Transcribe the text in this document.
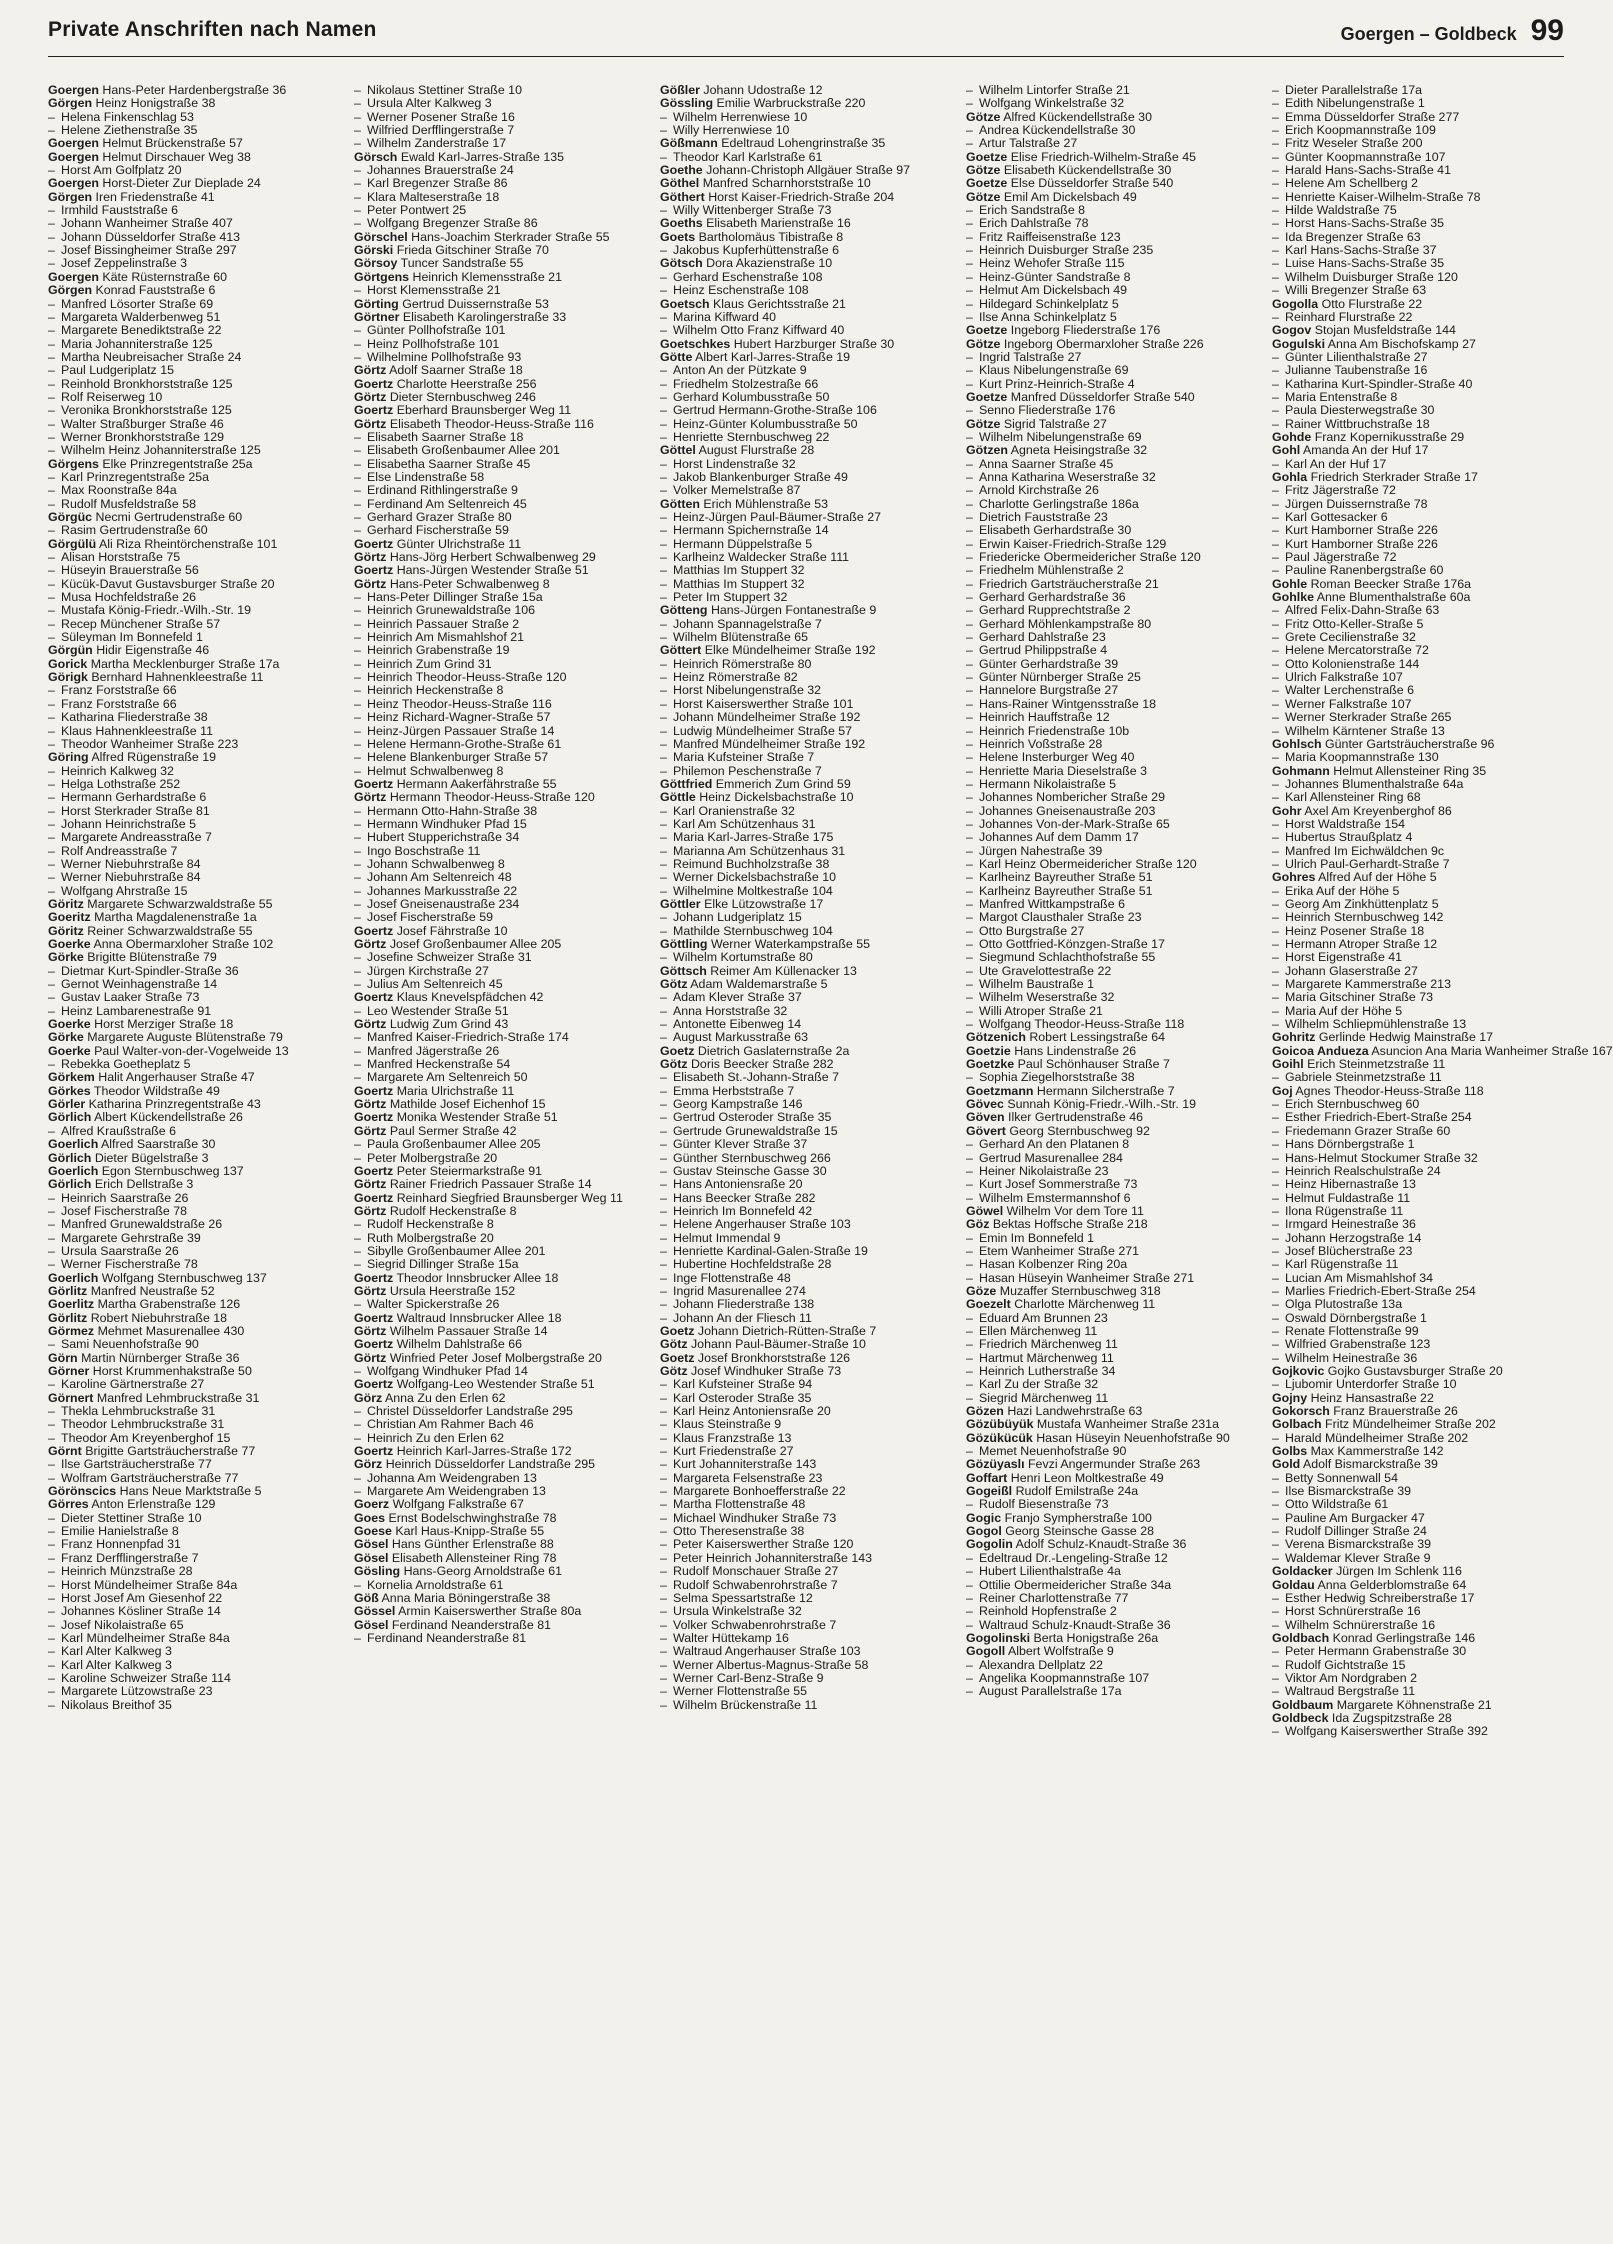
Private Anschriften nach Namen	Goergen – Goldbeck 99
Goergen Hans-Peter Hardenbergstraße 36
Görgen Heinz Honigstraße 38
– Helena Finkenschlag 53
– Helene Ziethenstraße 35
Goergen Helmut Brückenstraße 57
Goergen Helmut Dirschauer Weg 38
– Horst Am Golfplatz 20
Goergen Horst-Dieter Zur Dieplade 24
Görgen Iren Friedenstraße 41
– Irmhild Fauststraße 6
– Johann Wanheimer Straße 407
– Johann Düsseldorfer Straße 413
– Josef Bissingheimer Straße 297
– Josef Zeppelinstraße 3
Goergen Käte Rüsternstraße 60
Görgen Konrad Fauststraße 6
– Manfred Lösorter Straße 69
– Margareta Walderbenweg 51
– Margarete Benediktstraße 22
– Maria Johanniterstraße 125
– Martha Neubreisacher Straße 24
– Paul Ludgeriplatz 15
– Reinhold Bronkhorststraße 125
– Rolf Reiserweg 10
– Veronika Bronkhorststraße 125
– Walter Straßburger Straße 46
– Werner Bronkhorststraße 129
– Wilhelm Heinz Johanniterstraße 125
Görgens Elke Prinzregentstraße 25a
– Karl Prinzregentstraße 25a
– Max Roonstraße 84a
– Rudolf Musfeldstraße 58
Görgüc Necmi Gertrudenstraße 60
– Rasim Gertrudenstraße 60
Görgülü Ali Riza Rheintörchenstraße 101
– Alisan Horststraße 75
– Hüseyin Brauerstraße 56
– Kücük-Davut Gustavsburger Straße 20
– Musa Hochfeldstraße 26
– Mustafa König-Friedr.-Wilh.-Str. 19
– Recep Münchener Straße 57
– Süleyman Im Bonnefeld 1
Görgün Hidir Eigenstraße 46
Gorick Martha Mecklenburger Straße 17a
Görigk Bernhard Hahnenkleestraße 11
– Franz Forststraße 66
– Franz Forststraße 66
– Katharina Fliederstraße 38
– Klaus Hahnenkleestraße 11
– Theodor Wanheimer Straße 223
Göring Alfred Rügenstraße 19
– Heinrich Kalkweg 32
– Helga Lothstraße 252
– Hermann Gerhardstraße 6
– Horst Sterkrader Straße 81
– Johann Heinrichstraße 5
– Margarete Andreasstraße 7
– Rolf Andreasstraße 7
– Werner Niebuhrstraße 84
– Werner Niebuhrstraße 84
– Wolfgang Ahrstraße 15
Göritz Margarete Schwarzwaldstraße 55
Goeritz Martha Magdalenenstraße 1a
Göritz Reiner Schwarzwaldstraße 55
Goerke Anna Obermarxloher Straße 102
Görke Brigitte Blütenstraße 79
– Dietmar Kurt-Spindler-Straße 36
– Gernot Weinhagenstraße 14
– Gustav Laaker Straße 73
– Heinz Lambarenestraße 91
Goerke Horst Merziger Straße 18
Görke Margarete Auguste Blütenstraße 79
Goerke Paul Walter-von-der-Vogelweide 13
– Rebekka Goetheplatz 5
Görkem Halit Angerhauser Straße 47
Görkes Theodor Wildstraße 49
Görler Katharina Prinzregentstraße 43
Görlich Albert Kückendellstraße 26
– Alfred Kraußstraße 6
Goerlich Alfred Saarstraße 30
Görlich Dieter Bügelstraße 3
Goerlich Egon Sternbuschweg 137
Görlich Erich Dellstraße 3
– Heinrich Saarstraße 26
– Josef Fischerstraße 78
– Manfred Grunewaldstraße 26
– Margarete Gehrstraße 39
– Ursula Saarstraße 26
– Werner Fischerstraße 78
Goerlich Wolfgang Sternbuschweg 137
Görlitz Manfred Neustraße 52
Goerlitz Martha Grabenstraße 126
Görlitz Robert Niebuhrstraße 18
Görmez Mehmet Masurenallee 430
– Sami Neuenhofstraße 90
Görn Martin Nürnberger Straße 36
Görner Horst Krummenhakstraße 50
– Karoline Gärtnerstraße 27
Görnert Manfred Lehmbruckstraße 31
– Thekla Lehmbruckstraße 31
– Theodor Lehmbruckstraße 31
– Theodor Am Kreyenberghof 15
Görnt Brigitte Gartsträucherstraße 77
– Ilse Gartsträucherstraße 77
– Wolfram Gartsträucherstraße 77
Görönscics Hans Neue Marktstraße 5
Görres Anton Erlenstraße 129
– Dieter Stettiner Straße 10
– Emilie Hanielstraße 8
– Franz Honnenpfad 31
– Franz Derfflingerstraße 7
– Heinrich Münzstraße 28
– Horst Mündelheimer Straße 84a
– Horst Josef Am Giesenhof 22
– Johannes Kösliner Straße 14
– Josef Nikolaistraße 65
– Karl Mündelheimer Straße 84a
– Karl Alter Kalkweg 3
– Karl Alter Kalkweg 3
– Karoline Schweizer Straße 114
– Margarete Lützowstraße 23
– Nikolaus Breithof 35
– Nikolaus Stettiner Straße 10
– Ursula Alter Kalkweg 3
– Werner Posener Straße 16
– Wilfried Derfflingerstraße 7
– Wilhelm Zanderstraße 17
Görsch Ewald Karl-Jarres-Straße 135
– Johannes Brauerstraße 24
– Karl Bregenzer Straße 86
– Klara Malteserstraße 18
– Peter Pontwert 25
– Wolfgang Bregenzer Straße 86
Görschel Hans-Joachim Sterkrader Straße 55
Görski Frieda Gitschiner Straße 70
Görsoy Tuncer Sandstraße 55
Görtgens Heinrich Klemensstraße 21
– Horst Klemensstraße 21
Görting Gertrud Duissernstraße 53
Görtner Elisabeth Karolingerstraße 33
– Günter Pollhofstraße 101
– Heinz Pollhofstraße 101
– Wilhelmine Pollhofstraße 93
Görtz Adolf Saarner Straße 18
Goertz Charlotte Heerstraße 256
Görtz Dieter Sternbuschweg 246
Goertz Eberhard Braunsberger Weg 11
Görtz Elisabeth Theodor-Heuss-Straße 116
– Elisabeth Saarner Straße 18
– Elisabeth Großenbaumer Allee 201
– Elisabetha Saarner Straße 45
– Else Lindenstraße 58
– Erdinand Rithlingerstraße 9
– Ferdinand Am Seltenreich 45
– Gerhard Grazer Straße 80
– Gerhard Fischerstraße 59
Goertz Günter Ulrichstraße 11
Görtz Hans-Jörg Herbert Schwalbenweg 29
Goertz Hans-Jürgen Westender Straße 51
Görtz Hans-Peter Schwalbenweg 8
– Hans-Peter Dillinger Straße 15a
– Heinrich Grunewaldstraße 106
– Heinrich Passauer Straße 2
– Heinrich Am Mismahlshof 21
– Heinrich Grabenstraße 19
– Heinrich Zum Grind 31
– Heinrich Theodor-Heuss-Straße 120
– Heinrich Heckenstraße 8
– Heinz Theodor-Heuss-Straße 116
– Heinz Richard-Wagner-Straße 57
– Heinz-Jürgen Passauer Straße 14
– Helene Hermann-Grothe-Straße 61
– Helene Blankenburger Straße 57
– Helmut Schwalbenweg 8
Goertz Hermann Aakerfährstraße 55
Görtz Hermann Theodor-Heuss-Straße 120
– Hermann Otto-Hahn-Straße 38
– Hermann Windhuker Pfad 15
– Hubert Stupperichstraße 34
– Ingo Boschstraße 11
– Johann Schwalbenweg 8
– Johann Am Seltenreich 48
– Johannes Markusstraße 22
– Josef Gneisenaustraße 234
– Josef Fischerstraße 59
Goertz Josef Fährstraße 10
Görtz Josef Großenbaumer Allee 205
– Josefine Schweizer Straße 31
– Jürgen Kirchstraße 27
– Julius Am Seltenreich 45
Goertz Klaus Knevelspfädchen 42
– Leo Westender Straße 51
Görtz Ludwig Zum Grind 43
– Manfred Kaiser-Friedrich-Straße 174
– Manfred Jägerstraße 26
– Manfred Heckenstraße 54
– Margarete Am Seltenreich 50
Goertz Maria Ulrichstraße 11
Görtz Mathilde Josef Eichenhof 15
Goertz Monika Westender Straße 51
Görtz Paul Sermer Straße 42
– Paula Großenbaumer Allee 205
– Peter Molbergstraße 20
Goertz Peter Steiermarkstraße 91
Görtz Rainer Friedrich Passauer Straße 14
Goertz Reinhard Siegfried Braunsberger Weg 11
Görtz Rudolf Heckenstraße 8
– Rudolf Heckenstraße 8
– Ruth Molbergstraße 20
– Sibylle Großenbaumer Allee 201
– Siegrid Dillinger Straße 15a
Goertz Theodor Innsbrucker Allee 18
Görtz Ursula Heerstraße 152
– Walter Spickerstraße 26
Goertz Waltraud Innsbrucker Allee 18
Görtz Wilhelm Passauer Straße 14
Goertz Wilhelm Dahlstraße 66
Görtz Winfried Peter Josef Molbergstraße 20
– Wolfgang Windhuker Pfad 14
Goertz Wolfgang-Leo Westender Straße 51
Görz Anna Zu den Erlen 62
– Christel Düsseldorfer Landstraße 295
– Christian Am Rahmer Bach 46
– Heinrich Zu den Erlen 62
Goertz Heinrich Karl-Jarres-Straße 172
Görz Heinrich Düsseldorfer Landstraße 295
– Johanna Am Weidengraben 13
– Margarete Am Weidengraben 13
Goerz Wolfgang Falkstraße 67
Goes Ernst Bodelschwinghstraße 78
Goese Karl Haus-Knipp-Straße 55
Gösel Hans Günther Erlenstraße 88
Gösel Elisabeth Allensteiner Ring 78
Gösling Hans-Georg Arnoldstraße 61
– Kornelia Arnoldstraße 61
Göß Anna Maria Böningerstraße 38
Gössel Armin Kaiserswerther Straße 80a
Gösel Ferdinand Neanderstraße 81
– Ferdinand Neanderstraße 81
Gößler Johann Udostraße 12
Gössling Emilie Warbruckstraße 220
– Wilhelm Herrenwiese 10
– Willy Herrenwiese 10
Gößmann Edeltraud Lohengrinstraße 35
– Theodor Karl Karlstraße 61
Goethe Johann-Christoph Allgäuer Straße 97
Göthel Manfred Scharnhorststraße 10
Göthert Horst Kaiser-Friedrich-Straße 204
– Willy Wittenberger Straße 73
Goeths Elisabeth Marienstraße 16
Goets Bartholomäus Tibistraße 8
– Jakobus Kupferhüttenstraße 6
Götsch Dora Akazienstraße 10
– Gerhard Eschenstraße 108
– Heinz Eschenstraße 108
Goetsch Klaus Gerichtsstraße 21
– Marina Kiffward 40
– Wilhelm Otto Franz Kiffward 40
Goetschkes Hubert Harzburger Straße 30
Götte Albert Karl-Jarres-Straße 19
– Anton An der Pützkate 9
– Friedhelm Stolzestraße 66
– Gerhard Kolumbusstraße 50
– Gertrud Hermann-Grothe-Straße 106
– Heinz-Günter Kolumbusstraße 50
– Henriette Sternbuschweg 22
Göttel August Flurstraße 28
– Horst Lindenstraße 32
– Jakob Blankenburger Straße 49
– Volker Memelstraße 87
Götten Erich Mühlenstraße 53
– Heinz-Jürgen Paul-Bäumer-Straße 27
– Hermann Spichernstraße 14
– Hermann Düppelstraße 5
– Karlheinz Waldecker Straße 111
– Matthias Im Stuppert 32
– Matthias Im Stuppert 32
– Peter Im Stuppert 32
Götteng Hans-Jürgen Fontanestraße 9
– Johann Spannagelstraße 7
– Wilhelm Blütenstraße 65
Göttert Elke Mündelheimer Straße 192
– Heinrich Römerstraße 80
– Heinz Römerstraße 82
– Horst Nibelungenstraße 32
– Horst Kaiserswerther Straße 101
– Johann Mündelheimer Straße 192
– Ludwig Mündelheimer Straße 57
– Manfred Mündelheimer Straße 192
– Maria Kufsteiner Straße 7
– Philemon Peschenstraße 7
Göttfried Emmerich Zum Grind 59
Göttle Heinz Dickelsbachstraße 10
– Karl Oranienstraße 32
– Karl Am Schützenhaus 31
– Maria Karl-Jarres-Straße 175
– Marianna Am Schützenhaus 31
– Reimund Buchholzstraße 38
– Werner Dickelsbachstraße 10
– Wilhelmine Moltkestraße 104
Göttler Elke Lützowstraße 17
– Johann Ludgeriplatz 15
– Mathilde Sternbuschweg 104
Göttling Werner Waterkampstraße 55
– Wilhelm Kortumstraße 80
Göttsch Reimer Am Küllenacker 13
Götz Adam Waldemarstraße 5
– Adam Klever Straße 37
– Anna Horststraße 32
– Antonette Eibenweg 14
– August Markusstraße 63
Goetz Dietrich Gaslaternstraße 2a
Götz Doris Beecker Straße 282
– Elisabeth St.-Johann-Straße 7
– Emma Herbststraße 7
– Georg Kampstraße 146
– Gertrud Osteroder Straße 35
– Gertrude Grunewaldstraße 15
– Günter Klever Straße 37
– Günther Sternbuschweg 266
– Gustav Steinsche Gasse 30
– Hans Antoniensraße 20
– Hans Beecker Straße 282
– Heinrich Im Bonnefeld 42
– Helene Angerhauser Straße 103
– Helmut Immendal 9
– Henriette Kardinal-Galen-Straße 19
– Hubertine Hochfeldstraße 28
– Inge Flottenstraße 48
– Ingrid Masurenallee 274
– Johann Fliederstraße 138
– Johann An der Fliesch 11
Goetz Johann Dietrich-Rütten-Straße 7
Götz Johann Paul-Bäumer-Straße 10
Goetz Josef Bronkhorststraße 126
Götz Josef Windhuker Straße 73
– Karl Kufsteiner Straße 94
– Karl Osteroder Straße 35
– Karl Heinz Antoniensraße 20
– Klaus Steinstraße 9
– Klaus Franzstraße 13
– Kurt Friedenstraße 27
– Kurt Johanniterstraße 143
– Margareta Felsenstraße 23
– Margarete Bonhoefferstraße 22
– Martha Flottenstraße 48
– Michael Windhuker Straße 73
– Otto Theresenstraße 38
– Peter Kaiserswerther Straße 120
– Peter Heinrich Johanniterstraße 143
– Rudolf Monschauer Straße 27
– Rudolf Schwabenrohrstraße 7
– Selma Spessartstraße 12
– Ursula Winkelstraße 32
– Volker Schwabenrohrstraße 7
– Walter Hüttekamp 16
– Waltraud Angerhauser Straße 103
– Werner Albertus-Magnus-Straße 58
– Werner Carl-Benz-Straße 9
– Werner Flottenstraße 55
– Wilhelm Brückenstraße 11
– Wilhelm Lintorfer Straße 21
– Wolfgang Winkelstraße 32
Götze Alfred Kückendellstraße 30
– Andrea Kückendellstraße 30
– Artur Talstraße 27
Goetze Elise Friedrich-Wilhelm-Straße 45
Götze Elisabeth Kückendellstraße 30
Goetze Else Düsseldorfer Straße 540
Götze Emil Am Dickelsbach 49
– Erich Sandstraße 8
– Erich Dahlstraße 78
– Fritz Raiffeisenstraße 123
– Heinrich Duisburger Straße 235
– Heinz Wehofer Straße 115
– Heinz-Günter Sandstraße 8
– Helmut Am Dickelsbach 49
– Hildegard Schinkelplatz 5
– Ilse Anna Schinkelplatz 5
Goetze Ingeborg Fliederstraße 176
Götze Ingeborg Obermarxloher Straße 226
– Ingrid Talstraße 27
– Klaus Nibelungenstraße 69
– Kurt Prinz-Heinrich-Straße 4
Goetze Manfred Düsseldorfer Straße 540
– Senno Fliederstraße 176
Götze Sigrid Talstraße 27
– Wilhelm Nibelungenstraße 69
Götzen Agneta Heisingstraße 32
– Anna Saarner Straße 45
– Anna Katharina Weserstraße 32
– Arnold Kirchstraße 26
– Charlotte Gerlingstraße 186a
– Dietrich Fauststraße 23
– Elisabeth Gerhardstraße 30
– Erwin Kaiser-Friedrich-Straße 129
– Friedericke Obermeidericher Straße 120
– Friedhelm Mühlenstraße 2
– Friedrich Gartsträucherstraße 21
– Gerhard Gerhardstraße 36
– Gerhard Rupprechtstraße 2
– Gerhard Möhlenkampstraße 80
– Gerhard Dahlstraße 23
– Gertrud Philippstraße 4
– Günter Gerhardstraße 39
– Günter Nürnberger Straße 25
– Hannelore Burgstraße 27
– Hans-Rainer Wintgensstraße 18
– Heinrich Hauffstraße 12
– Heinrich Friedenstraße 10b
– Heinrich Voßstraße 28
– Helene Insterburger Weg 40
– Henriette Maria Dieselstraße 3
– Hermann Nikolaistraße 5
– Johannes Nombericher Straße 29
– Johannes Gneisenaustraße 203
– Johannes Von-der-Mark-Straße 65
– Johannes Auf dem Damm 17
– Jürgen Nahestraße 39
– Karl Heinz Obermeidericher Straße 120
– Karlheinz Bayreuther Straße 51
– Karlheinz Bayreuther Straße 51
– Manfred Wittkampstraße 6
– Margot Clausthaler Straße 23
– Otto Burgstraße 27
– Otto Gottfried-Könzgen-Straße 17
– Siegmund Schlachthofstraße 55
– Ute Gravelottestraße 22
– Wilhelm Baustraße 1
– Wilhelm Weserstraße 32
– Willi Atroper Straße 21
– Wolfgang Theodor-Heuss-Straße 118
Götzenich Robert Lessingstraße 64
Goetzie Hans Lindenstraße 26
Goetzke Paul Schönhauser Straße 7
– Sophia Ziegelhorststraße 38
Goetzmann Hermann Silcherstraße 7
Gövec Sunnah König-Friedr.-Wilh.-Str. 19
Göven Ilker Gertrudenstraße 46
Gövert Georg Sternbuschweg 92
– Gerhard An den Platanen 8
– Gertrud Masurenallee 284
– Heiner Nikolaistraße 23
– Kurt Josef Sommerstraße 73
– Wilhelm Emstermannshof 6
Göwel Wilhelm Vor dem Tore 11
Göz Bektas Hoffsche Straße 218
– Emin Im Bonnefeld 1
– Etem Wanheimer Straße 271
– Hasan Kolbenzer Ring 20a
– Hasan Hüseyin Wanheimer Straße 271
Göze Muzaffer Sternbuschweg 318
Goezelt Charlotte Märchenweg 11
– Eduard Am Brunnen 23
– Ellen Märchenweg 11
– Friedrich Märchenweg 11
– Hartmut Märchenweg 11
– Heinrich Lutherstraße 34
– Karl Zu der Straße 32
– Siegrid Märchenweg 11
Gözen Hazi Landwehrstraße 63
Gözübüyük Mustafa Wanheimer Straße 231a
Gözükücük Hasan Hüseyin Neuenhofstraße 90
– Memet Neuenhofstraße 90
Gözüyaslı Fevzi Angermunder Straße 263
Goffart Henri Leon Moltkestraße 49
Gogeißl Rudolf Emilstraße 24a
– Rudolf Biesenstraße 73
Gogic Franjo Sympherstraße 100
Gogol Georg Steinsche Gasse 28
Gogolin Adolf Schulz-Knaudt-Straße 36
– Edeltraud Dr.-Lengeling-Straße 12
– Hubert Lilienthalstraße 4a
– Ottilie Obermeidericher Straße 34a
– Reiner Charlottenstraße 77
– Reinhold Hopfenstraße 2
– Waltraud Schulz-Knaudt-Straße 36
Gogolinski Berta Honigstraße 26a
Gogoll Albert Wolfstraße 9
– Alexandra Dellplatz 22
– Angelika Koopmannstraße 107
– August Parallelstraße 17a
– Dieter Parallelstraße 17a
– Edith Nibelungenstraße 1
– Emma Düsseldorfer Straße 277
– Erich Koopmannstraße 109
– Fritz Weseler Straße 200
– Günter Koopmannstraße 107
– Harald Hans-Sachs-Straße 41
– Helene Am Schellberg 2
– Henriette Kaiser-Wilhelm-Straße 78
– Hilde Waldstraße 75
– Horst Hans-Sachs-Straße 35
– Ida Bregenzer Straße 63
– Karl Hans-Sachs-Straße 37
– Luise Hans-Sachs-Straße 35
– Wilhelm Duisburger Straße 120
– Willi Bregenzer Straße 63
Gogolla Otto Flurstraße 22
– Reinhard Flurstraße 22
Gogov Stojan Musfeldstraße 144
Gogulski Anna Am Bischofskamp 27
– Günter Lilienthalstraße 27
– Julianne Taubenstraße 16
– Katharina Kurt-Spindler-Straße 40
– Maria Entenstraße 8
– Paula Diesterwegstraße 30
– Rainer Wittbruchstraße 18
Gohde Franz Kopernikusstraße 29
Gohl Amanda An der Huf 17
– Karl An der Huf 17
Gohla Friedrich Sterkrader Straße 17
– Fritz Jägerstraße 72
– Jürgen Duissernstraße 78
– Karl Gottesacker 6
– Kurt Hamborner Straße 226
– Kurt Hamborner Straße 226
– Paul Jägerstraße 72
– Pauline Ranenbergstraße 60
Gohle Roman Beecker Straße 176a
Gohlke Anne Blumenthalstraße 60a
– Alfred Felix-Dahn-Straße 63
– Fritz Otto-Keller-Straße 5
– Grete Cecilienstraße 32
– Helene Mercatorstraße 72
– Otto Kolonienstraße 144
– Ulrich Falkstraße 107
– Walter Lerchenstraße 6
– Werner Falkstraße 107
– Werner Sterkrader Straße 265
– Wilhelm Kärntener Straße 13
Gohlsch Günter Gartsträucherstraße 96
– Maria Koopmannstraße 130
Gohmann Helmut Allensteiner Ring 35
– Johannes Blumenthalstraße 64a
– Karl Allensteiner Ring 68
Gohr Axel Am Kreyenberghof 86
– Horst Waldstraße 154
– Hubertus Straußplatz 4
– Manfred Im Eichwäldchen 9c
– Ulrich Paul-Gerhardt-Straße 7
Gohres Alfred Auf der Höhe 5
– Erika Auf der Höhe 5
– Georg Am Zinkhüttenplatz 5
– Heinrich Sternbuschweg 142
– Heinz Posener Straße 18
– Hermann Atroper Straße 12
– Horst Eigenstraße 41
– Johann Glaserstraße 27
– Margarete Kammerstraße 213
– Maria Gitschiner Straße 73
– Maria Auf der Höhe 5
– Wilhelm Schliepmühlenstraße 13
Gohritz Gerlinde Hedwig Mainstraße 17
Goicoa Andueza Asuncion Ana Maria Wanheimer Straße 167
Goihl Erich Steinmetzstraße 11
– Gabriele Steinmetzstraße 11
Goj Agnes Theodor-Heuss-Straße 118
– Erich Sternbuschweg 60
– Esther Friedrich-Ebert-Straße 254
– Friedemann Grazer Straße 60
– Hans Dörnbergstraße 1
– Hans-Helmut Stockumer Straße 32
– Heinrich Realschulstraße 24
– Heinz Hibernastraße 13
– Helmut Fuldastraße 11
– Ilona Rügenstraße 11
– Irmgard Heinestraße 36
– Johann Herzogstraße 14
– Josef Blücherstraße 23
– Karl Rügenstraße 11
– Lucian Am Mismahlshof 34
– Marlies Friedrich-Ebert-Straße 254
– Olga Plutostraße 13a
– Oswald Dörnbergstraße 1
– Renate Flottenstraße 99
– Wilfried Grabenstraße 123
– Wilhelm Heinestraße 36
Gojkovic Gojko Gustavsburger Straße 20
– Ljubomir Unterdorfer Straße 10
Gojny Heinz Hansastraße 22
Gokorsch Franz Brauerstraße 26
Golbach Fritz Mündelheimer Straße 202
– Harald Mündelheimer Straße 202
Golbs Max Kammerstraße 142
Gold Adolf Bismarckstraße 39
– Betty Sonnenwall 54
– Ilse Bismarckstraße 39
– Otto Wildstraße 61
– Pauline Am Burgacker 47
– Rudolf Dillinger Straße 24
– Verena Bismarckstraße 39
– Waldemar Klever Straße 9
Goldacker Jürgen Im Schlenk 116
Goldau Anna Gelderblomstraße 64
– Esther Hedwig Schreiberstraße 17
– Horst Schnürerstraße 16
– Wilhelm Schnürerstraße 16
Goldbach Konrad Gerlingstraße 146
– Peter Hermann Grabenstraße 30
– Rudolf Gichtstraße 15
– Viktor Am Nordgraben 2
– Waltraud Bergstraße 11
Goldbaum Margarete Köhnenstraße 21
Goldbeck Ida Zugspitzstraße 28
– Wolfgang Kaiserswerther Straße 392
